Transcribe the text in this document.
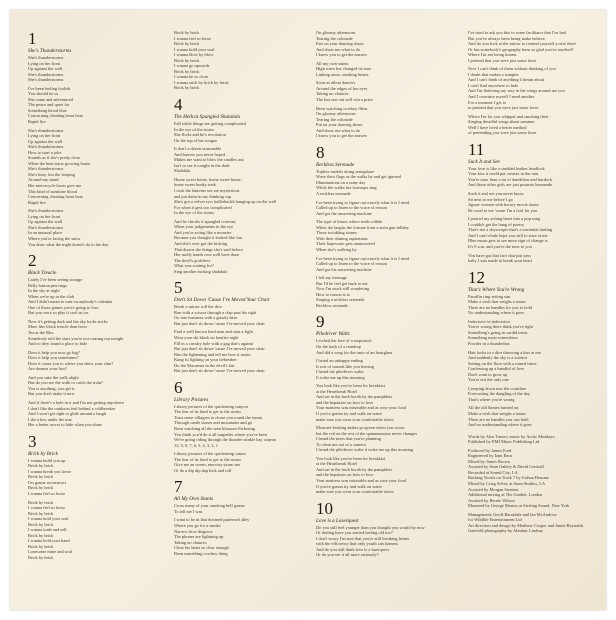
1
She's Thunderstorms
She's thunderstorms
Lying on her front
Up against the wall
She's thunderstorms
She's thunderstorms
I've been feeling foolish
You should be so
She came and adventured
The peace and quiet for
Something blood blue
Concerning cheating heart beat
Rapid fire
She's thunderstorms
Lying on her front
Up against the wall
She's thunderstorms
How to start a joke
Sounds as if she's pretty close
When the heat starts growing home
She's thunderstorms
She's busy lost the looping
Around my stand
Her motorcycle boots give me
This kind of sunshine blood
Concerning cheating heart beat
Rapid fire
She's thunderstorms
Lying on her front
Up against the wall
She's thunderstorms
In an unusual place
Where you're facing the snow
You draw what the night doesn't do to the day
2
Black Treacle
Lately I've been seeing strange
Belly button piercings
In the sky at night
When we're up in the club
And I didn't mean to turn on anybody's calendar
One of those games you're going to lose
But you were so play it cool as ice
Now it's getting dark and the sky looks sticks
More like black treacle than brew
Tea at the Ritz
Somebody told the stars you're not coming out tonight
And so they found a place to hide
Does it help you now go big?
Does it help you sometimes?
Does it cause you to where you show your chin?
Are dreams your box?
And you take the walk alight
But do you see the walk or catch the train?
You is anything, you get it
But you don't make it now
And if there's a hole in it and I'm not getting anywhere
I don't like the outdoors feel behind a coldbreaker
And I won't get tight to glide around a laugh
Like a key under the mat
Her a better secret to hide when you shine
3
Brick by Brick
I wanna build you up
Brick by brick
I wanna break you loose
Brick by brick
I'm gonna reconstruct
Brick by brick
I wanna feel so loose
Brick by brick
I wanna feel so loose
Brick by brick
I wanna hold your soul
Brick by brick
I wanna trade and sell
Brick by brick
I wanna hold your hand
Brick by brick
Lonesome mine and soul
Brick by brick
Brick by brick
I wanna feel so loose
Brick by brick
I wanna hold your soul
I wanna blow by blow
Brick by brick
I wanna go upwards
Brick by brick
I wanna be so close
I wanna stick by brick by brick
Brick by brick
4
The Hellcat Spangled Shalalala
Fall while things are getting complicated
In the eye of the storm
She flicks and he's revolution
On the top of her tongue
It don't a dozen seasonable
And barrers you never hoped
Makes me want to blow the candles out
Isn't to see it tonight in the dark
Shalalala
Home sweet home, home sweet home,
home sweet honky tonk
I took the lanterns see are mysterious
and put them in my thinking cap
She's got a velvet eye; ballerbackk hanging up on the wall
For when it gets too complicated
In the eye of the storm
And he chrofts it spangled convent,
When your judgements in the eye
And you're acting like a monster
Because you thought it looked like fun
And she's ever got the kicking
That drawn she things she's said before
Her molly hands rose well have done
The devil's godchest
What was waiting for?
Sing another fucking shalalala
5
Don't Sit Down 'Cause I've Moved Your Chair
Break a mirror roll the dice
Run with a scissor through a clap past his right
Go into business with a grizzly bear
But just don't sit down 'cause I've moved your chair
Find a well known hard man and start a fight
Wear your ski black on bonfire night
Fill in a cavalry hole with a gag that's against
But just don't sit down 'cause I've moved your chair
Bite the lightening and tell me how it tastes
Kung fu fighting on your tiebreaker
Do the Macarena in the devil's lair
But just don't sit down 'cause I've moved your chair
6
Library Pictures
Library pictures of the quickening canyon
The fear of its kind to get to the storm
Trust some villagers to chose you round the tomm
Through castle stones and mountains and go
Been watching all the seen blossom flickering
You think you'd do it all tragedies where you've been
We're going riding through the thunder stinkle bay canyon
12, 9, 8, 7, 6, 5, 4, 3, 2, 1
Library pictures of the quickening canon
The fear of its kind to get to the storm
Give me an ocean, mercury strum me
Or do a dip dip dap kick and roll
7
All My Own Stunts
Cross many of your smoking hell gonna
To tell me I was
I want to be in that doomed patterned alley
Where you go for a smoke
Narrow slow disgrace
The phones are lightning up
Taking no chances
Close his heart so clear enough
Been something cowboy thing
On gloomy afternoons
Tearing the colonade
Fair on your dancing shoes
And show me what to do
I know you to get the answer
All my own stunts
High roses but changed its tone
Linking arms, smoking hearts
Soon as afloat dancers
Around the edges of her eyes
Taking no chances
The last one out will win a prize
Been watching cowboy films
On gloomy afternoons
Tearing the colonade
Put on your dancing shoes
And show me what to do
I know you to get the answer
8
Reckless Serenade
Topless models doing semaphore
Wave their flags as the walks by and get ignored
Illuminations on a rainy day
While the walks her footsteps sing
A reckless serenade
I've been trying to figure out exactly what it is I need
Called up to listen to the voice of reason
And got the answering machine
The type of kisses where teeth collide
When the laughs the fortune from a stein gun lullaby
Those twinkling stones
With their shining aspirations
Their hopescure gets unanswered
When she's walking by
I've been trying to figure out exactly what it is I need
Called up to listen to the voice of reason
And got his answering machine
I left my message
But I'd be feel get back to me
Now I'm stuck still wondering
How to reason is to
Singing a reckless serenade
Reckless serenade
9
Piledriver Waltz
I etched the face of a stopwatch
On the back of a raindrop
And did a song for the taste of an hourglass
I heard an unhappy ending
It sort of sounds like you leaving
I heard the piledriver waltz
It woke me up this morning
You look like you've been for breakfast
at the Heartbreak Hotel
And sat in the back booth by the pamphlets
and the hepatizer on how to love
Your mattress was miserable and as wise your food
If you're gonna try and walk on water
make sure you wear your comfortable shoes
Mourner-looking amber go-green when you swear
but the red on the rest of the quinanamotor never changes
I heard the news that you're planning
To clean me out of a camera
I heard the piledriver waltz it woke me up this morning
You look like you've been for breakfast
at the Heartbreak Hotel
And sat in the back booth by the pamphlets
and the hepatizer on how to love
Your mattress was miserable and as wise your food
If you're gonna try and walk on water
make sure you wear your comfortable shoes
10
Love is a Laserquest
Do you still feel younger than you thought you would by now
Or darling have you started feeling old too?
I don't worry I'm sure that you're still breaking hearts
with the efficiency that only youth can harness
And do you still think love is a laserquest
Or do you see it all more seriously?
I've tried to ask you this to some facilitator that I've had
But you've always been being make believe
And do you look at the mirror to remind yourself you're there
Or has somebody's geography been so glad you've touched?
Where I'm not being honest
I pretend that you were just some lover
Now I can't think of them without thinking of you
I doubt that makes a sumpter
And I can't think of anything I dream about
I can't find anywhere to hide
And I'm flattering my way in the wings around me you
And I convince myself I need another
For a moment I get to
to pretend that you were just some lover
Where I'm for you whippet and smoking their
Singing dreadful songs about summer
Well I have lived a better method
of pretending you were just some lover
11
Suck It and See
Your love is like a studded leather headlock
Your kiss it could put creases in the rain
You're rarer than a tin of dandelion and burdock
And those other girls are just postmix lemonade
Suck it and see you never know
Sit next to me before I go
Jigsaw women with horsey movie shoes
Be cruel to me 'cause I'm a fool for you
I poured my aching heart into a pop song
I couldn't get the hang of poetry
That's not a skyscraper that's a torrential darling
And I can't elude hope you still to stare at me
Blue moon gets to see more sign of change is
It's 9 a.m. and you're the next to you
You have got that face that just says
baby I was made to break your heart
12
That's Where You're Wrong
Paraffin ring setting sun
Make a wish that weighs a tonne
There are no handles for you to hold
No understanding where it goes
Indecisive in indecision
You're wrong there think you're right
Something's going in sordid insist
Something must somewhere
Powder in a thunderbus
Hair locks in a dice throwing a kiss at me
And suddenly the sky is a science
Setting on the floor with a ruined trims
Confessing up a handful of love
Don't want to grow up
You're not the only one
Creeping down into the coastline
Forecasting the dangling of the day
That's where you're wrong
All the old flames burned on
Make a wish that weighs a tonne
There are no handles you can hold
And no understanding where it goes
Words by Alex Turner; music by Arctic Monkeys
Published by EMI Music Publishing Ltd.
Produced by James Ford
Engineered by Iann Enos
Mixed by James Brown
Assisted by Sean Oakley & David Cerritall
Recorded at Sound City, LA
Backing Vocals on Track 7 by Joshua Homme
Mixed by Craig Silvey at Sarm Studios, LA
Assisted by Morgan Stratton
Additional mixing at The Garden, London
Assisted by Bernie Wilson
Mastered by George Marino at Sterling Sound, New York
Management: Geoff Barradale and Ian McAndrew
for Wildlife Entertainment Ltd
Art direction and design by Matthew Cooper and Jamie Reynolds
Gatefold photography by Alasdair Lindsay
